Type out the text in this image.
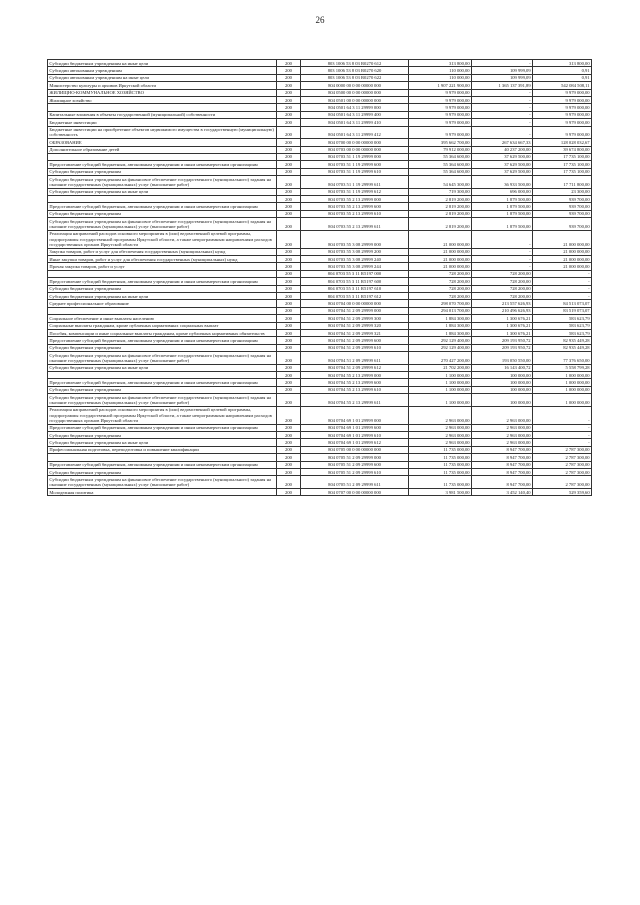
26
Субсидии бюджетным учреждениям на иные цели	200	803 1006 53 8 03 R0270 612	313 800,00	-	313 800,00
Субсидии автономным учреждениям	200	803 1006 53 8 03 R0270 620	110 000,00	109 999,09	0,91
Субсидии автономным учреждениям на иные цели	200	803 1006 53 8 03 R0270 622	110 000,00	109 999,09	0,91
Министерство культуры и архивов Иркутской области	200	804 0000 00 0 00 00000 000	1 907 221 900,00	1 365 137 391,89	542 084 508,11
ЖИЛИЩНО-КОММУНАЛЬНОЕ ХОЗЯЙСТВО	200	804 0500 00 0 00 00000 000	9 979 000,00	-	9 979 000,00
Жилищное хозяйство	200	804 0501 00 0 00 00000 000	9 979 000,00	-	9 979 000,00
	200	804 0501 64 3 11 29999 000	9 979 000,00	-	9 979 000,00
Капитальные вложения в объекты государственной (муниципальной) собственности	200	804 0501 64 3 11 29999 400	9 979 000,00	-	9 979 000,00
Бюджетные инвестиции	200	804 0501 64 3 11 29999 410	9 979 000,00	-	9 979 000,00
Бюджетные инвестиции на приобретение объектов недвижимого имущества в государственную (муниципальную) собственность	200	804 0501 64 3 11 29999 412	9 979 000,00	-	9 979 000,00
ОБРАЗОВАНИЕ	200	804 0700 00 0 00 00000 000	395 662 700,00	267 634 667,33	128 028 032,67
Дополнительное образование детей	200	804 0703 00 0 00 00000 000	79 912 000,00	40 237 200,00	39 674 800,00
	200	804 0703 51 1 19 29999 000	55 364 600,00	37 629 500,00	17 735 100,00
Предоставление субсидий бюджетным, автономным учреждениям и иным некоммерческим организациям	200	804 0703 51 1 19 29999 600	55 364 600,00	37 629 500,00	17 735 100,00
Субсидии бюджетным учреждениям	200	804 0703 51 1 19 29999 610	55 364 600,00	37 629 500,00	17 735 100,00
Субсидии бюджетным учреждениям на финансовое обеспечение государственного (муниципального) задания на оказание государственных (муниципальных) услуг (выполнение работ)	200	804 0703 51 1 19 29999 611	54 645 300,00	36 933 500,00	17 711 800,00
Субсидии бюджетным учреждениям на иные цели	200	804 0703 51 1 19 29999 612	719 300,00	696 000,00	23 300,00
	200	804 0703 55 2 13 29999 000	2 819 200,00	1 879 500,00	939 700,00
Предоставление субсидий бюджетным, автономным учреждениям и иным некоммерческим организациям	200	804 0703 55 2 13 29999 600	2 819 200,00	1 879 500,00	939 700,00
Субсидии бюджетным учреждениям	200	804 0703 55 2 13 29999 610	2 819 200,00	1 879 500,00	939 700,00
Субсидии бюджетным учреждениям на финансовое обеспечение государственного (муниципального) задания на оказание государственных (муниципальных) услуг (выполнение работ)	200	804 0703 55 2 13 29999 611	2 819 200,00	1 879 500,00	939 700,00
Реализация направлений расходов основного мероприятия в (или) ведомственной целевой программы, подпрограммы государственной программы Иркутской области, а также непрограммным направлениям расходов государственных органов Иркутской области	200	804 0703 55 3 08 29999 000	21 000 000,00	-	21 000 000,00
Закупка товаров, работ и услуг для обеспечения государственных (муниципальных) нужд	200	804 0703 55 3 08 29999 200	21 000 000,00	-	21 000 000,00
Иные закупки товаров, работ и услуг для обеспечения государственных (муниципальных) нужд	200	804 0703 55 3 08 29999 240	21 000 000,00	-	21 000 000,00
Прочая закупка товаров, работ и услуг	200	804 0703 55 3 08 29999 244	21 000 000,00	-	21 000 000,00
	200	804 0703 55 3 11 R5197 000	728 200,00	728 200,00	-
Предоставление субсидий бюджетным, автономным учреждениям и иным некоммерческим организациям	200	804 0703 55 3 11 R5197 600	728 200,00	728 200,00	-
Субсидии бюджетным учреждениям	200	804 0703 55 3 11 R5197 610	728 200,00	728 200,00	-
Субсидии бюджетным учреждениям на иные цели	200	804 0703 55 3 11 R5197 612	728 200,00	728 200,00	-
Среднее профессиональное образование	200	804 0704 00 0 00 00000 000	298 070 700,00	213 557 626,93	84 513 073,07
	200	804 0704 51 2 09 29999 000	294 013 700,00	210 496 626,93	83 519 073,07
Социальное обеспечение и иные выплаты населению	200	804 0704 51 2 09 29999 300	1 884 300,00	1 300 676,21	583 623,79
Социальные выплаты гражданам, кроме публичных нормативных социальных выплат	200	804 0704 51 2 09 29999 320	1 884 300,00	1 300 676,21	583 623,79
Пособия, компенсации и иные социальные выплаты гражданам, кроме публичных нормативных обязательств	200	804 0704 51 2 09 29999 321	1 884 300,00	1 300 676,21	583 623,79
Предоставление субсидий бюджетным, автономным учреждениям и иным некоммерческим организациям	200	804 0704 51 2 09 29999 600	292 129 400,00	209 193 950,72	82 935 449,28
Субсидии бюджетным учреждениям	200	804 0704 51 2 09 29999 610	292 129 400,00	209 193 950,72	82 935 449,28
Субсидии бюджетным учреждениям на финансовое обеспечение государственного (муниципального) задания на оказание государственных (муниципальных) услуг (выполнение работ)	200	804 0704 51 2 09 29999 611	270 427 200,00	193 050 550,00	77 376 650,00
Субсидии бюджетным учреждениям на иные цели	200	804 0704 51 2 09 29999 612	21 702 200,00	16 143 400,72	5 558 799,28
	200	804 0704 55 2 13 29999 000	1 100 000,00	100 000,00	1 000 000,00
Предоставление субсидий бюджетным, автономным учреждениям и иным некоммерческим организациям	200	804 0704 55 2 13 29999 600	1 100 000,00	100 000,00	1 000 000,00
Субсидии бюджетным учреждениям	200	804 0704 55 2 13 29999 610	1 100 000,00	100 000,00	1 000 000,00
Субсидии бюджетным учреждениям на финансовое обеспечение государственного (муниципального) задания на оказание государственных (муниципальных) услуг (выполнение работ)	200	804 0704 55 2 13 29999 611	1 100 000,00	100 000,00	1 000 000,00
Реализация направлений расходов основного мероприятия в (или) ведомственной целевой программы, подпрограммы государственной программы Иркутской области, а также непрограммным направлениям расходов государственных органов Иркутской области	200	804 0704 69 1 01 29999 000	2 963 000,00	2 963 000,00	-
Предоставление субсидий бюджетным, автономным учреждениям и иным некоммерческим организациям	200	804 0704 69 1 01 29999 600	2 963 000,00	2 963 000,00	-
Субсидии бюджетным учреждениям	200	804 0704 69 1 01 29999 610	2 963 000,00	2 963 000,00	-
Субсидии бюджетным учреждениям на иные цели	200	804 0704 69 1 01 29999 612	2 963 000,00	2 963 000,00	-
Профессиональная подготовка, переподготовка и повышение квалификации	200	804 0705 00 0 00 00000 000	11 735 000,00	8 947 700,00	2 787 300,00
	200	804 0705 51 2 09 29999 000	11 735 000,00	8 947 700,00	2 787 300,00
Предоставление субсидий бюджетным, автономным учреждениям и иным некоммерческим организациям	200	804 0705 51 2 09 29999 600	11 735 000,00	8 947 700,00	2 787 300,00
Субсидии бюджетным учреждениям	200	804 0705 51 2 09 29999 610	11 735 000,00	8 947 700,00	2 787 300,00
Субсидии бюджетным учреждениям на финансовое обеспечение государственного (муниципального) задания на оказание государственных (муниципальных) услуг (выполнение работ)	200	804 0705 51 2 09 29999 611	11 735 000,00	8 947 700,00	2 787 300,00
Молодежная политика	200	804 0707 00 0 00 00000 000	3 981 500,00	3 452 140,40	529 359,60
